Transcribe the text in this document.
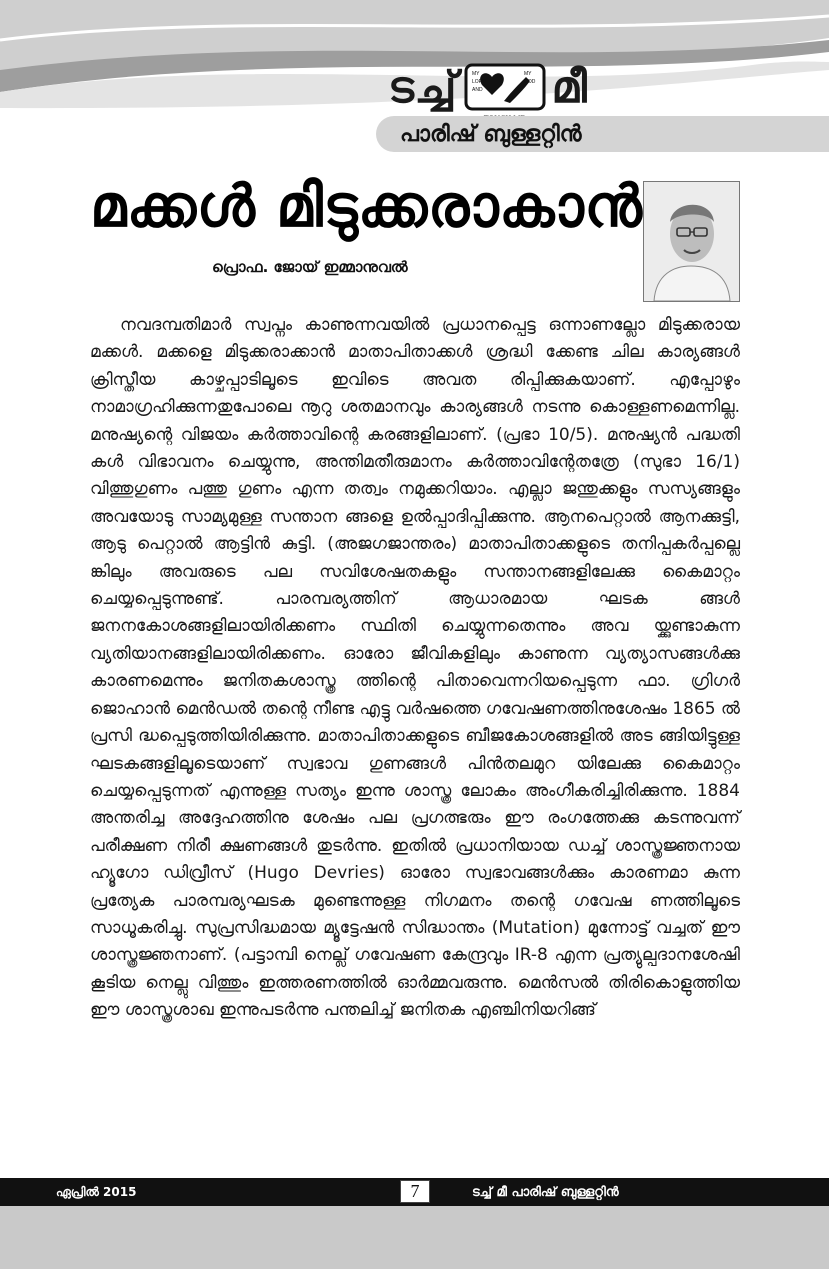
ടച്ച്	MY
LORD
AND
MY
GOD മീ
പാരിഷ് ബുള്ളറ്റിൻ
മക്കൾ മിടുക്കരാകാൻ
പ്രൊഫ. ജോയ് ഇമ്മാനുവൽ

നവദമ്പതിമാർ സ്വപ്നം കാണുന്നവയിൽ പ്രധാനപ്പെട്ട ഒന്നാണല്ലോ മിടുക്കരായ മക്കൾ. മക്കളെ മിടുക്കരാക്കാൻ മാതാപിതാക്കൾ ശ്രദ്ധി ക്കേണ്ട ചില കാര്യങ്ങൾ ക്രിസ്തീയ കാഴ്ചപ്പാടിലൂടെ ഇവിടെ അവത രിപ്പിക്കുകയാണ്. എപ്പോഴും നാമാഗ്രഹിക്കുന്നതുപോലെ നൂറു ശതമാനവും കാര്യങ്ങൾ നടന്നു കൊള്ളണമെന്നില്ല. മനുഷ്യന്റെ വിജയം കർത്താവിന്റെ കരങ്ങളിലാണ്. (പ്രഭാ 10/5). മനുഷ്യൻ പദ്ധതി കൾ വിഭാവനം ചെയ്യുന്നു, അന്തിമതീരുമാനം കർത്താവിന്റേതത്രേ (സുഭാ 16/1) വിത്തുഗുണം പത്തു ഗുണം എന്ന തത്വം നമുക്കറിയാം. എല്ലാ ജന്തുക്കളും സസ്യങ്ങളും അവയോടു സാമ്യമുള്ള സന്താന ങ്ങളെ ഉൽപ്പാദിപ്പിക്കുന്നു. ആനപെറ്റാൽ ആനക്കുട്ടി, ആടു പെറ്റാൽ ആട്ടിൻ കുട്ടി. (അജഗജാന്തരം) മാതാപിതാക്കളുടെ തനിപ്പകർപ്പല്ലെ ങ്കിലും അവരുടെ പല സവിശേഷതകളും സന്താനങ്ങളിലേക്കു കൈമാറ്റം ചെയ്യപ്പെടുന്നുണ്ട്. പാരമ്പര്യത്തിന് ആധാരമായ ഘടക ങ്ങൾ ജനനകോശങ്ങളിലായിരിക്കണം സ്ഥിതി ചെയ്യുന്നതെന്നും അവ യ്ക്കുണ്ടാകുന്ന വ്യതിയാനങ്ങളിലായിരിക്കണം. ഓരോ ജീവികളിലും കാണുന്ന വ്യത്യാസങ്ങൾക്കു കാരണമെന്നും ജനിതകശാസ്ത്ര ത്തിന്റെ പിതാവെന്നറിയപ്പെടുന്ന ഫാ. ഗ്രിഗർ ജൊഹാൻ മെൻഡൽ തന്റെ നീണ്ട എട്ടു വർഷത്തെ ഗവേഷണത്തിനുശേഷം 1865 ൽ പ്രസി ദ്ധപ്പെടുത്തിയിരിക്കുന്നു. മാതാപിതാക്കളുടെ ബീജകോശങ്ങളിൽ അട ങ്ങിയിട്ടുള്ള ഘടകങ്ങളിലൂടെയാണ് സ്വഭാവ ഗുണങ്ങൾ പിൻതലമുറ യിലേക്കു കൈമാറ്റം ചെയ്യപ്പെടുന്നത് എന്നുള്ള സത്യം ഇന്നു ശാസ്ത്ര ലോകം അംഗീകരിച്ചിരിക്കുന്നു. 1884 അന്തരിച്ച അദ്ദേഹത്തിനു ശേഷം പല പ്രഗത്ഭരും ഈ രംഗത്തേക്കു കടന്നുവന്ന് പരീക്ഷണ നിരീ ക്ഷണങ്ങൾ തുടർന്നു. ഇതിൽ പ്രധാനിയായ ഡച്ച് ശാസ്ത്രജ്ഞനായ ഹ്യൂഗോ ഡിവ്രീസ് (Hugo Devries) ഓരോ സ്വഭാവങ്ങൾക്കും കാരണമാ കുന്ന പ്രത്യേക പാരമ്പര്യഘടക മുണ്ടെന്നുള്ള നിഗമനം തന്റെ ഗവേഷ ണത്തിലൂടെ സാധൂകരിച്ചു. സുപ്രസിദ്ധമായ മ്യൂട്ടേഷൻ സിദ്ധാന്തം (Mutation) മുന്നോട്ട് വച്ചത് ഈ ശാസ്ത്രജ്ഞനാണ്. (പട്ടാമ്പി നെല്ല് ഗവേഷണ കേന്ദ്രവും IR-8 എന്ന പ്രത്യുല്പദാനശേഷി കൂടിയ നെല്ലു വിത്തും ഇത്തരണത്തിൽ ഓർമ്മവരുന്നു. മെൻസൽ തിരികൊളുത്തിയ ഈ ശാസ്ത്രശാഖ ഇന്നുപടർന്നു പന്തലിച്ച് ജനിതക എഞ്ചിനിയറിങ്ങ്

ഏപ്രിൽ 2015	7	ടച്ച് മീ പാരിഷ് ബുള്ളറ്റിൻ
